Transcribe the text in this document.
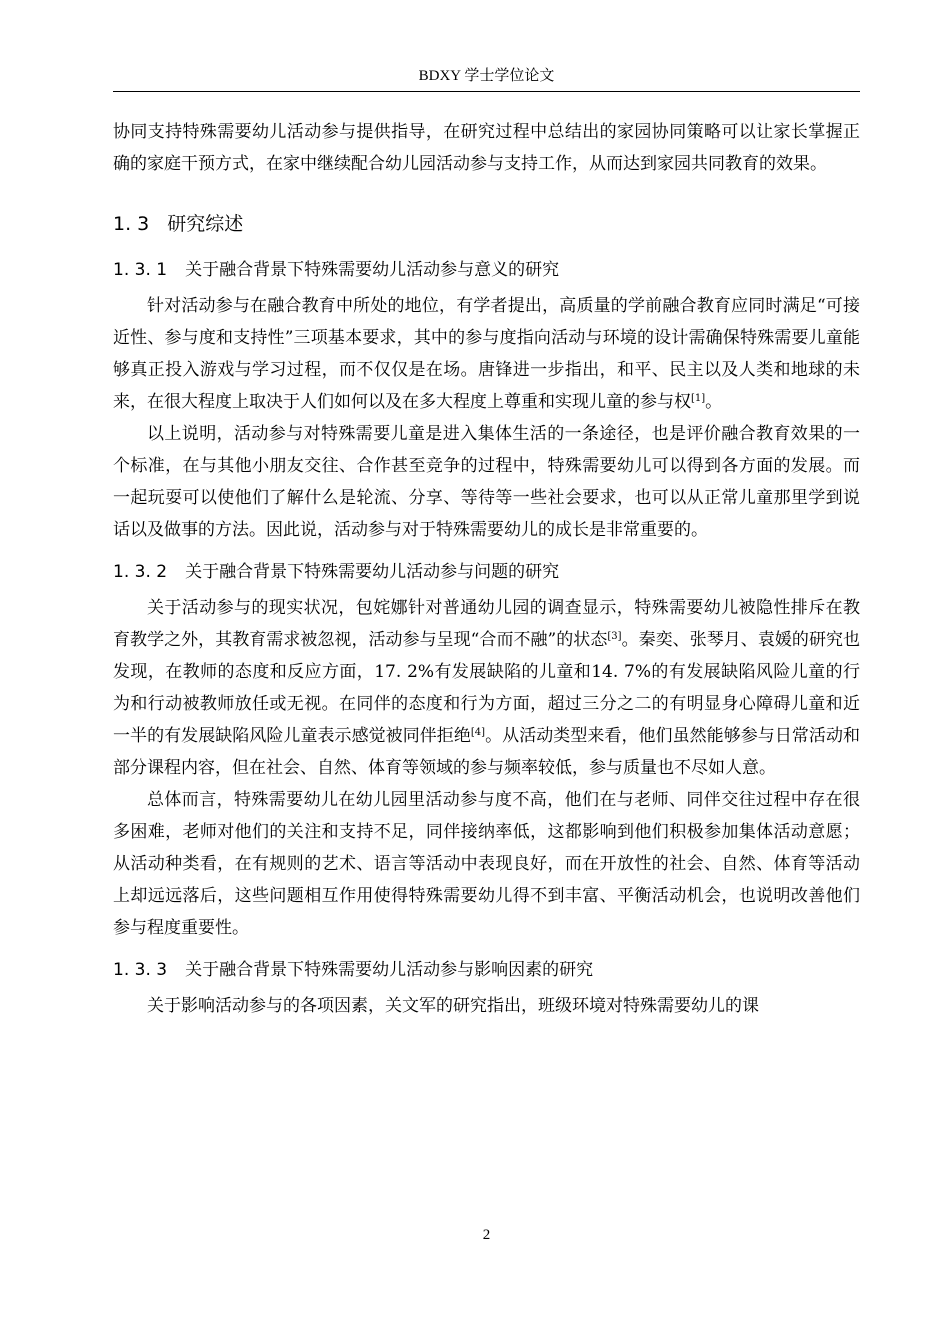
BDXY 学士学位论文

协同支持特殊需要幼儿活动参与提供指导，在研究过程中总结出的家园协同策略可以让家长掌握正确的家庭干预方式，在家中继续配合幼儿园活动参与支持工作，从而达到家园共同教育的效果。

1. 3 研究综述
1. 3. 1 关于融合背景下特殊需要幼儿活动参与意义的研究

针对活动参与在融合教育中所处的地位，有学者提出，高质量的学前融合教育应同时满足“可接近性、参与度和支持性”三项基本要求，其中的参与度指向活动与环境的设计需确保特殊需要儿童能够真正投入游戏与学习过程，而不仅仅是在场。唐锋进一步指出，和平、民主以及人类和地球的未来，在很大程度上取决于人们如何以及在多大程度上尊重和实现儿童的参与权[1]。

以上说明，活动参与对特殊需要儿童是进入集体生活的一条途径，也是评价融合教育效果的一个标准，在与其他小朋友交往、合作甚至竞争的过程中，特殊需要幼儿可以得到各方面的发展。而一起玩耍可以使他们了解什么是轮流、分享、等待等一些社会要求，也可以从正常儿童那里学到说话以及做事的方法。因此说，活动参与对于特殊需要幼儿的成长是非常重要的。

1. 3. 2 关于融合背景下特殊需要幼儿活动参与问题的研究

关于活动参与的现实状况，包姹娜针对普通幼儿园的调查显示，特殊需要幼儿被隐性排斥在教育教学之外，其教育需求被忽视，活动参与呈现“合而不融”的状态[3]。秦奕、张琴月、袁媛的研究也发现，在教师的态度和反应方面，17. 2%有发展缺陷的儿童和14. 7%的有发展缺陷风险儿童的行为和行动被教师放任或无视。在同伴的态度和行为方面，超过三分之二的有明显身心障碍儿童和近一半的有发展缺陷风险儿童表示感觉被同伴拒绝[4]。从活动类型来看，他们虽然能够参与日常活动和部分课程内容，但在社会、自然、体育等领域的参与频率较低，参与质量也不尽如人意。

总体而言，特殊需要幼儿在幼儿园里活动参与度不高，他们在与老师、同伴交往过程中存在很多困难，老师对他们的关注和支持不足，同伴接纳率低，这都影响到他们积极参加集体活动意愿；从活动种类看，在有规则的艺术、语言等活动中表现良好，而在开放性的社会、自然、体育等活动上却远远落后，这些问题相互作用使得特殊需要幼儿得不到丰富、平衡活动机会，也说明改善他们参与程度重要性。

1. 3. 3 关于融合背景下特殊需要幼儿活动参与影响因素的研究

关于影响活动参与的各项因素，关文军的研究指出，班级环境对特殊需要幼儿的课

2
